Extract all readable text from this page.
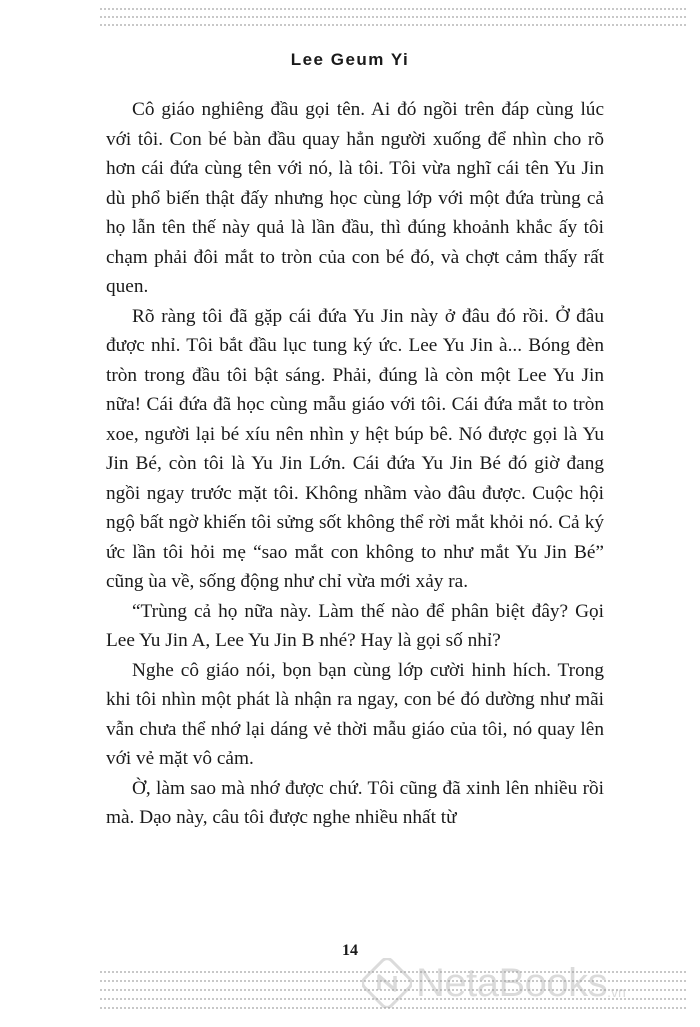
Lee Geum Yi

Cô giáo nghiêng đầu gọi tên. Ai đó ngồi trên đáp cùng lúc với tôi. Con bé bàn đầu quay hẳn người xuống để nhìn cho rõ hơn cái đứa cùng tên với nó, là tôi. Tôi vừa nghĩ cái tên Yu Jin dù phổ biến thật đấy nhưng học cùng lớp với một đứa trùng cả họ lẫn tên thế này quả là lần đầu, thì đúng khoảnh khắc ấy tôi chạm phải đôi mắt to tròn của con bé đó, và chợt cảm thấy rất quen.

Rõ ràng tôi đã gặp cái đứa Yu Jin này ở đâu đó rồi. Ở đâu được nhỉ. Tôi bắt đầu lục tung ký ức. Lee Yu Jin à... Bóng đèn tròn trong đầu tôi bật sáng. Phải, đúng là còn một Lee Yu Jin nữa! Cái đứa đã học cùng mẫu giáo với tôi. Cái đứa mắt to tròn xoe, người lại bé xíu nên nhìn y hệt búp bê. Nó được gọi là Yu Jin Bé, còn tôi là Yu Jin Lớn. Cái đứa Yu Jin Bé đó giờ đang ngồi ngay trước mặt tôi. Không nhầm vào đâu được. Cuộc hội ngộ bất ngờ khiến tôi sửng sốt không thể rời mắt khỏi nó. Cả ký ức lần tôi hỏi mẹ “sao mắt con không to như mắt Yu Jin Bé” cũng ùa về, sống động như chỉ vừa mới xảy ra.

“Trùng cả họ nữa này. Làm thế nào để phân biệt đây? Gọi Lee Yu Jin A, Lee Yu Jin B nhé? Hay là gọi số nhỉ?

Nghe cô giáo nói, bọn bạn cùng lớp cười hinh hích. Trong khi tôi nhìn một phát là nhận ra ngay, con bé đó dường như mãi vẫn chưa thể nhớ lại dáng vẻ thời mẫu giáo của tôi, nó quay lên với vẻ mặt vô cảm.

Ờ, làm sao mà nhớ được chứ. Tôi cũng đã xinh lên nhiều rồi mà. Dạo này, câu tôi được nghe nhiều nhất từ

14
NetaBooks .vn
